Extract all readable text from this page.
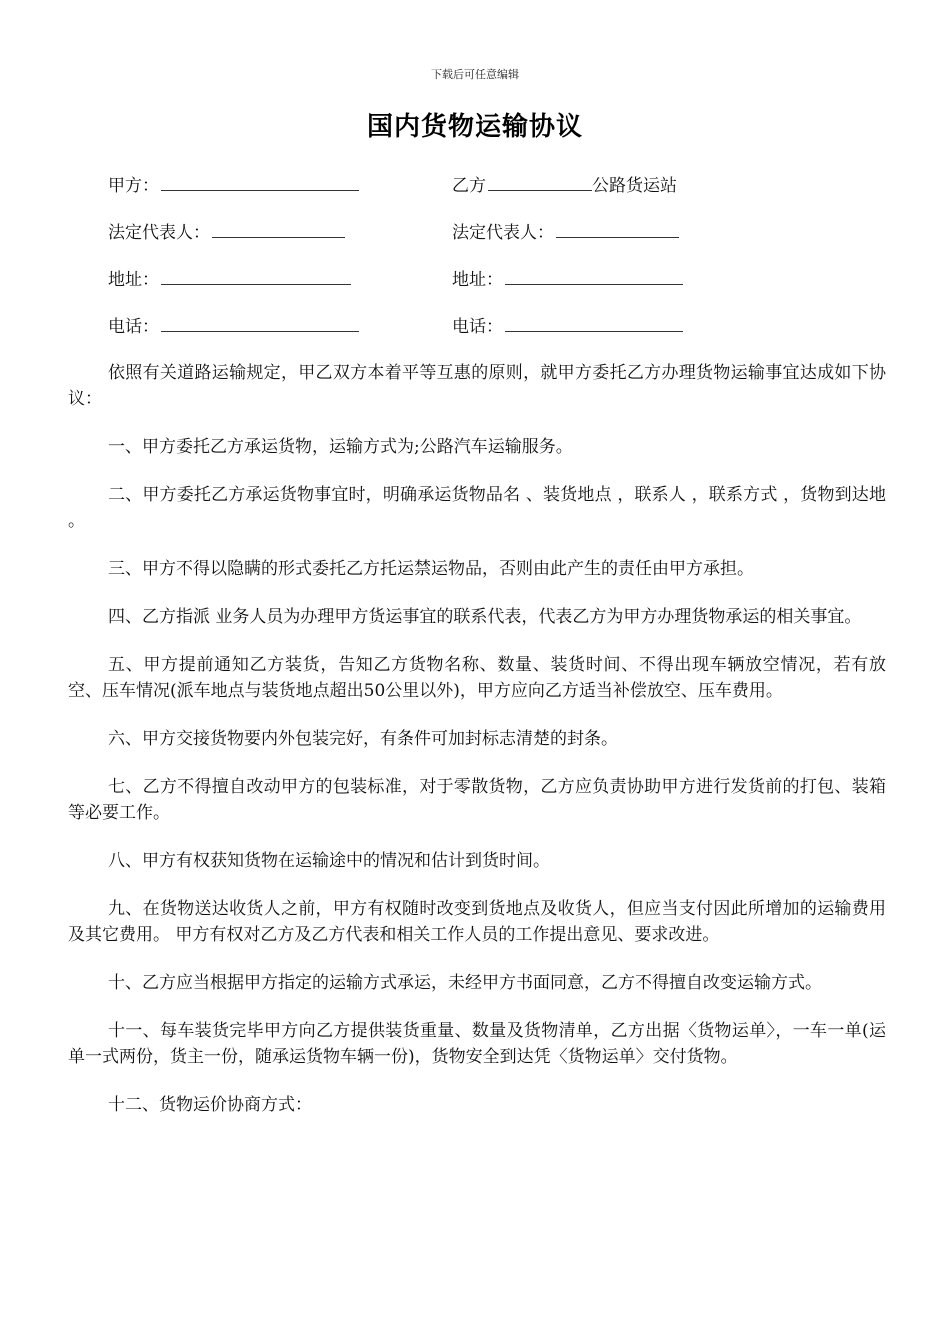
下载后可任意编辑
国内货物运输协议
甲方：	乙方	公路货运站
法定代表人：	法定代表人：
地址：	地址：
电话：	电话：

依照有关道路运输规定，甲乙双方本着平等互惠的原则，就甲方委托乙方办理货物运输事宜达成如下协议：

一、甲方委托乙方承运货物，运输方式为;公路汽车运输服务。

二、甲方委托乙方承运货物事宜时，明确承运货物品名 、装货地点 ，联系人 ，联系方式 ，货物到达地 。

三、甲方不得以隐瞒的形式委托乙方托运禁运物品，否则由此产生的责任由甲方承担。

四、乙方指派 业务人员为办理甲方货运事宜的联系代表，代表乙方为甲方办理货物承运的相关事宜。

五、甲方提前通知乙方装货，告知乙方货物名称、数量、装货时间、不得出现车辆放空情况，若有放空、压车情况(派车地点与装货地点超出50公里以外)，甲方应向乙方适当补偿放空、压车费用。

六、甲方交接货物要内外包装完好，有条件可加封标志清楚的封条。

七、乙方不得擅自改动甲方的包装标准，对于零散货物，乙方应负责协助甲方进行发货前的打包、装箱等必要工作。

八、甲方有权获知货物在运输途中的情况和估计到货时间。

九、在货物送达收货人之前，甲方有权随时改变到货地点及收货人，但应当支付因此所增加的运输费用及其它费用。 甲方有权对乙方及乙方代表和相关工作人员的工作提出意见、要求改进。

十、乙方应当根据甲方指定的运输方式承运，未经甲方书面同意，乙方不得擅自改变运输方式。

十一、每车装货完毕甲方向乙方提供装货重量、数量及货物清单，乙方出据〈货物运单〉，一车一单(运单一式两份，货主一份，随承运货物车辆一份)，货物安全到达凭〈货物运单〉交付货物。

十二、货物运价协商方式：
